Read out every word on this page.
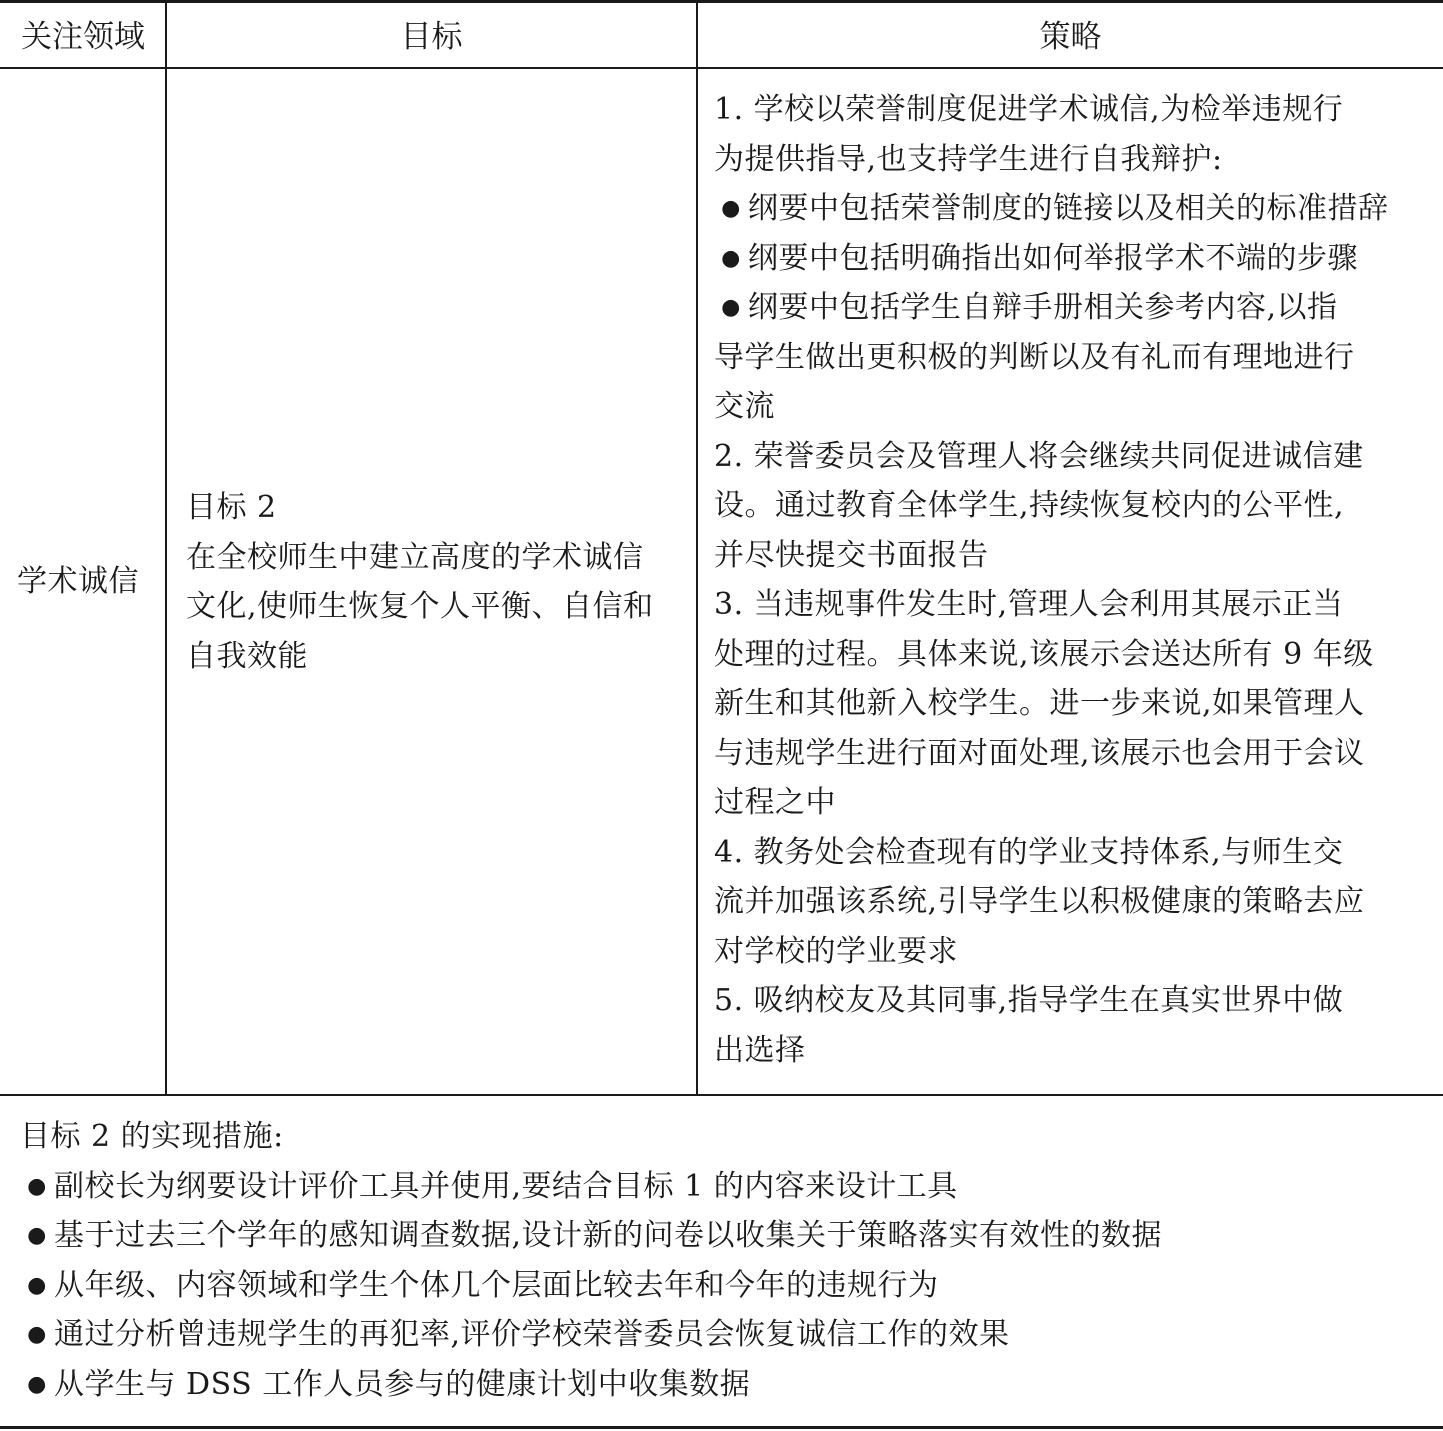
关注领域	目标	策略
学术诚信
目标 2
在全校师生中建立高度的学术诚信
文化,使师生恢复个人平衡、自信和
自我效能
1. 学校以荣誉制度促进学术诚信,为检举违规行
为提供指导,也支持学生进行自我辩护:
● 纲要中包括荣誉制度的链接以及相关的标准措辞
● 纲要中包括明确指出如何举报学术不端的步骤
● 纲要中包括学生自辩手册相关参考内容,以指
导学生做出更积极的判断以及有礼而有理地进行
交流
2. 荣誉委员会及管理人将会继续共同促进诚信建
设。通过教育全体学生,持续恢复校内的公平性,
并尽快提交书面报告
3. 当违规事件发生时,管理人会利用其展示正当
处理的过程。具体来说,该展示会送达所有 9 年级
新生和其他新入校学生。进一步来说,如果管理人
与违规学生进行面对面处理,该展示也会用于会议
过程之中
4. 教务处会检查现有的学业支持体系,与师生交
流并加强该系统,引导学生以积极健康的策略去应
对学校的学业要求
5. 吸纳校友及其同事,指导学生在真实世界中做
出选择
目标 2 的实现措施:
● 副校长为纲要设计评价工具并使用,要结合目标 1 的内容来设计工具
● 基于过去三个学年的感知调查数据,设计新的问卷以收集关于策略落实有效性的数据
● 从年级、内容领域和学生个体几个层面比较去年和今年的违规行为
● 通过分析曾违规学生的再犯率,评价学校荣誉委员会恢复诚信工作的效果
● 从学生与 DSS 工作人员参与的健康计划中收集数据
